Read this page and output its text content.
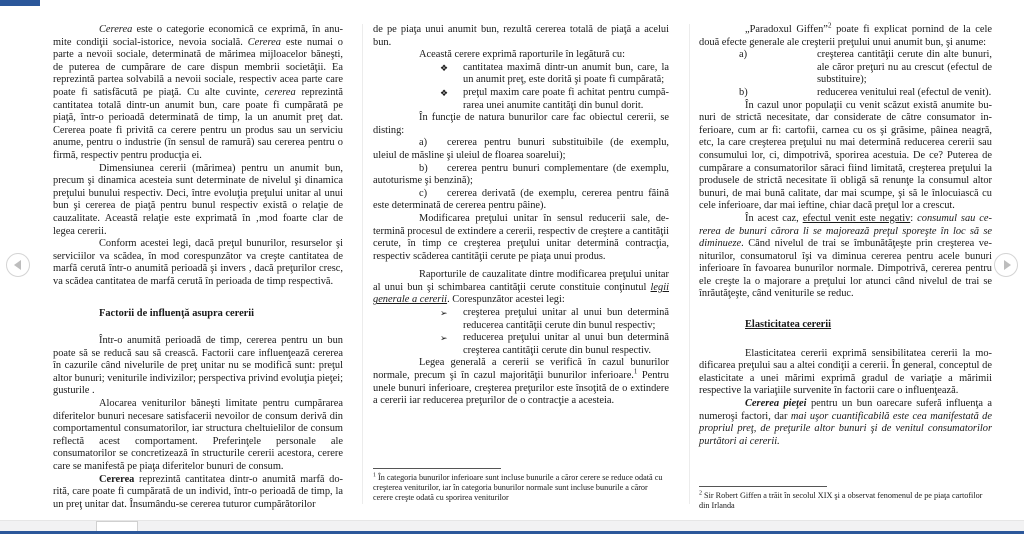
Cererea este o categorie economică ce exprimă, în anumite condiţii social-istorice, nevoia socială. Cererea este numai o parte a nevoii sociale, determinată de mărimea mijloacelor băneşti, de puterea de cumpărare de care dispun membrii societăţii. Ea reprezintă partea solvabilă a nevoii sociale, respectiv acea parte care poate fi satisfăcută pe piaţă. Cu alte cuvinte, cererea reprezintă cantitatea totală dintr-un anumit bun, care poate fi cumpărată pe piaţă, într-o perioadă determinată de timp, la un anumit preţ dat. Cererea poate fi privită ca cerere pentru un produs sau un serviciu anume, pentru o industrie (în sensul de ramură) sau cererea pentru o firmă, respectiv pentru producţia ei.

Dimensiunea cererii (mărimea) pentru un anumit bun, precum şi dinamica acesteia sunt determinate de nivelul şi dinamica preţului bunului respectiv. Deci, între evoluţia preţului unitar al unui bun şi cererea de piaţă pentru bunul respectiv există o relaţie de cauzalitate. Această relaţie este exprimată în ‚mod foarte clar de legea cererii.

Conform acestei legi, dacă preţul bunurilor, resurselor şi serviciilor va scădea, în mod corespunzător va creşte cantitatea de marfă cerută într-o anumită perioadă şi invers , dacă preţurilor cresc, va scădea cantitatea de marfă cerută în perioada de timp respectivă.

Factorii de influenţă asupra cererii

Într-o anumită perioadă de timp, cererea pentru un bun poate să se reducă sau să crească. Factorii care influenţează cererea în cazurile când nivelurile de preţ unitar nu se modifică sunt: preţul altor bunuri; veniturile indivizilor; perspectiva privind evoluţia pieţei; gusturile .

Alocarea veniturilor băneşti limitate pentru cumpărarea diferitelor bunuri necesare satisfacerii nevoilor de consum derivă din comportamentul consumatorilor, iar structura cheltuielilor de consum reflectă acest comportament. Preferinţele personale ale consumatorilor se concretizează în structurile cererii acestora, cerere care se manifestă pe piaţa diferitelor bunuri de consum.

Cererea reprezintă cantitatea dintr-o anumită marfă dorită, care poate fi cumpărată de un individ, într-o perioadă de timp, la un preţ unitar dat. Însumându-se cererea tuturor cumpărătorilor

de pe piaţa unui anumit bun, rezultă cererea totală de piaţă a acelui bun.

Această cerere exprimă raporturile în legătură cu:

❖ cantitatea maximă dintr-un anumit bun, care, la un anumit preţ, este dorită şi poate fi cumpărată;
❖ preţul maxim care poate fi achitat pentru cumpărarea unei anumite cantităţi din bunul dorit.

În funcţie de natura bunurilor care fac obiectul cererii, se disting:

a) cererea pentru bunuri substituibile (de exemplu, uleiul de măsline şi uleiul de floarea soarelui);

b) cererea pentru bunuri complementare (de exemplu, autoturisme şi benzină);

c) cererea derivată (de exemplu, cererea pentru făină este determinată de cererea pentru pâine).

Modificarea preţului unitar în sensul reducerii sale, determină procesul de extindere a cererii, respectiv de creştere a cantităţii cerute, în timp ce creşterea preţului unitar determină contracţia, respectiv scăderea cantităţii cerute pe piaţa unui produs.

Raporturile de cauzalitate dintre modificarea preţului unitar al unui bun şi schimbarea cantităţii cerute constituie conţinutul legii generale a cererii. Corespunzător acestei legi:

➢ creşterea preţului unitar al unui bun determină reducerea cantităţii cerute din bunul respectiv;
➢ reducerea preţului unitar al unui bun determină creşterea cantităţii cerute din bunul respectiv.

Legea generală a cererii se verifică în cazul bunurilor normale, precum şi în cazul majorităţii bunurilor inferioare.$^1$ Pentru unele bunuri inferioare, creşterea preţurilor este însoţită de o extindere a cererii iar reducerea preţurilor de o contracţie a acesteia.

$^1$ În categoria bunurilor inferioare sunt incluse bunurile a căror cerere se reduce odată cu creşterea veniturilor, iar în categoria bunurilor normale sunt incluse bunurile a căror cerere creşte odată cu sporirea veniturilor

„Paradoxul Giffen”$^2$ poate fi explicat pornind de la cele două efecte generale ale creşterii preţului unui anumit bun, şi anume:

a)	creşterea cantităţii cerute din alte bunuri, ale căror preţuri nu au crescut (efectul de substituire);

b)	reducerea venitului real (efectul de venit).

În cazul unor populaţii cu venit scăzut există anumite bunuri de strictă necesitate, dar considerate de către consumator inferioare, cum ar fi: cartofii, carnea cu os şi grăsime, pâinea neagră, etc, la care creşterea preţului nu mai determină reducerea cererii sau consumului lor, ci, dimpotrivă, sporirea acestuia. De ce? Puterea de cumpărare a consumatorilor săraci fiind limitată, creşterea preţului la produsele de strictă necesitate îi obligă să renunţe la consumul altor bunuri, de mai bună calitate, dar mai scumpe, şi să le înlocuiască cu cele inferioare, dar mai ieftine, chiar dacă preţul lor a crescut.

În acest caz, efectul venit este negativ: consumul sau cererea de bunuri cărora li se majorează preţul sporeşte în loc să se diminueze. Când nivelul de trai se îmbunătăţeşte prin creşterea veniturilor, consumatorul îşi va diminua cererea pentru acele bunuri inferioare în favoarea bunurilor normale. Dimpotrivă, cererea pentru ele creşte la o majorare a preţului lor atunci când nivelul de trai se înrăutăţeşte, când veniturile se reduc.

Elasticitatea cererii

Elasticitatea cererii exprimă sensibilitatea cererii la modificarea preţului sau a altei condiţii a cererii. În general, conceptul de elasticitate a unei mărimi exprimă gradul de variaţie a mărimii respective la variaţiile survenite în factorii care o influenţează.

Cererea pieţei pentru un bun oarecare suferă influenţa a numeroşi factori, dar mai uşor cuantificabilă este cea manifestată de propriul preţ, de preţurile altor bunuri şi de venitul consumatorilor purtători ai cererii.

$^2$ Sir Robert Giffen a trăit în secolul XIX şi a observat fenomenul de pe piaţa cartofilor din Irlanda
